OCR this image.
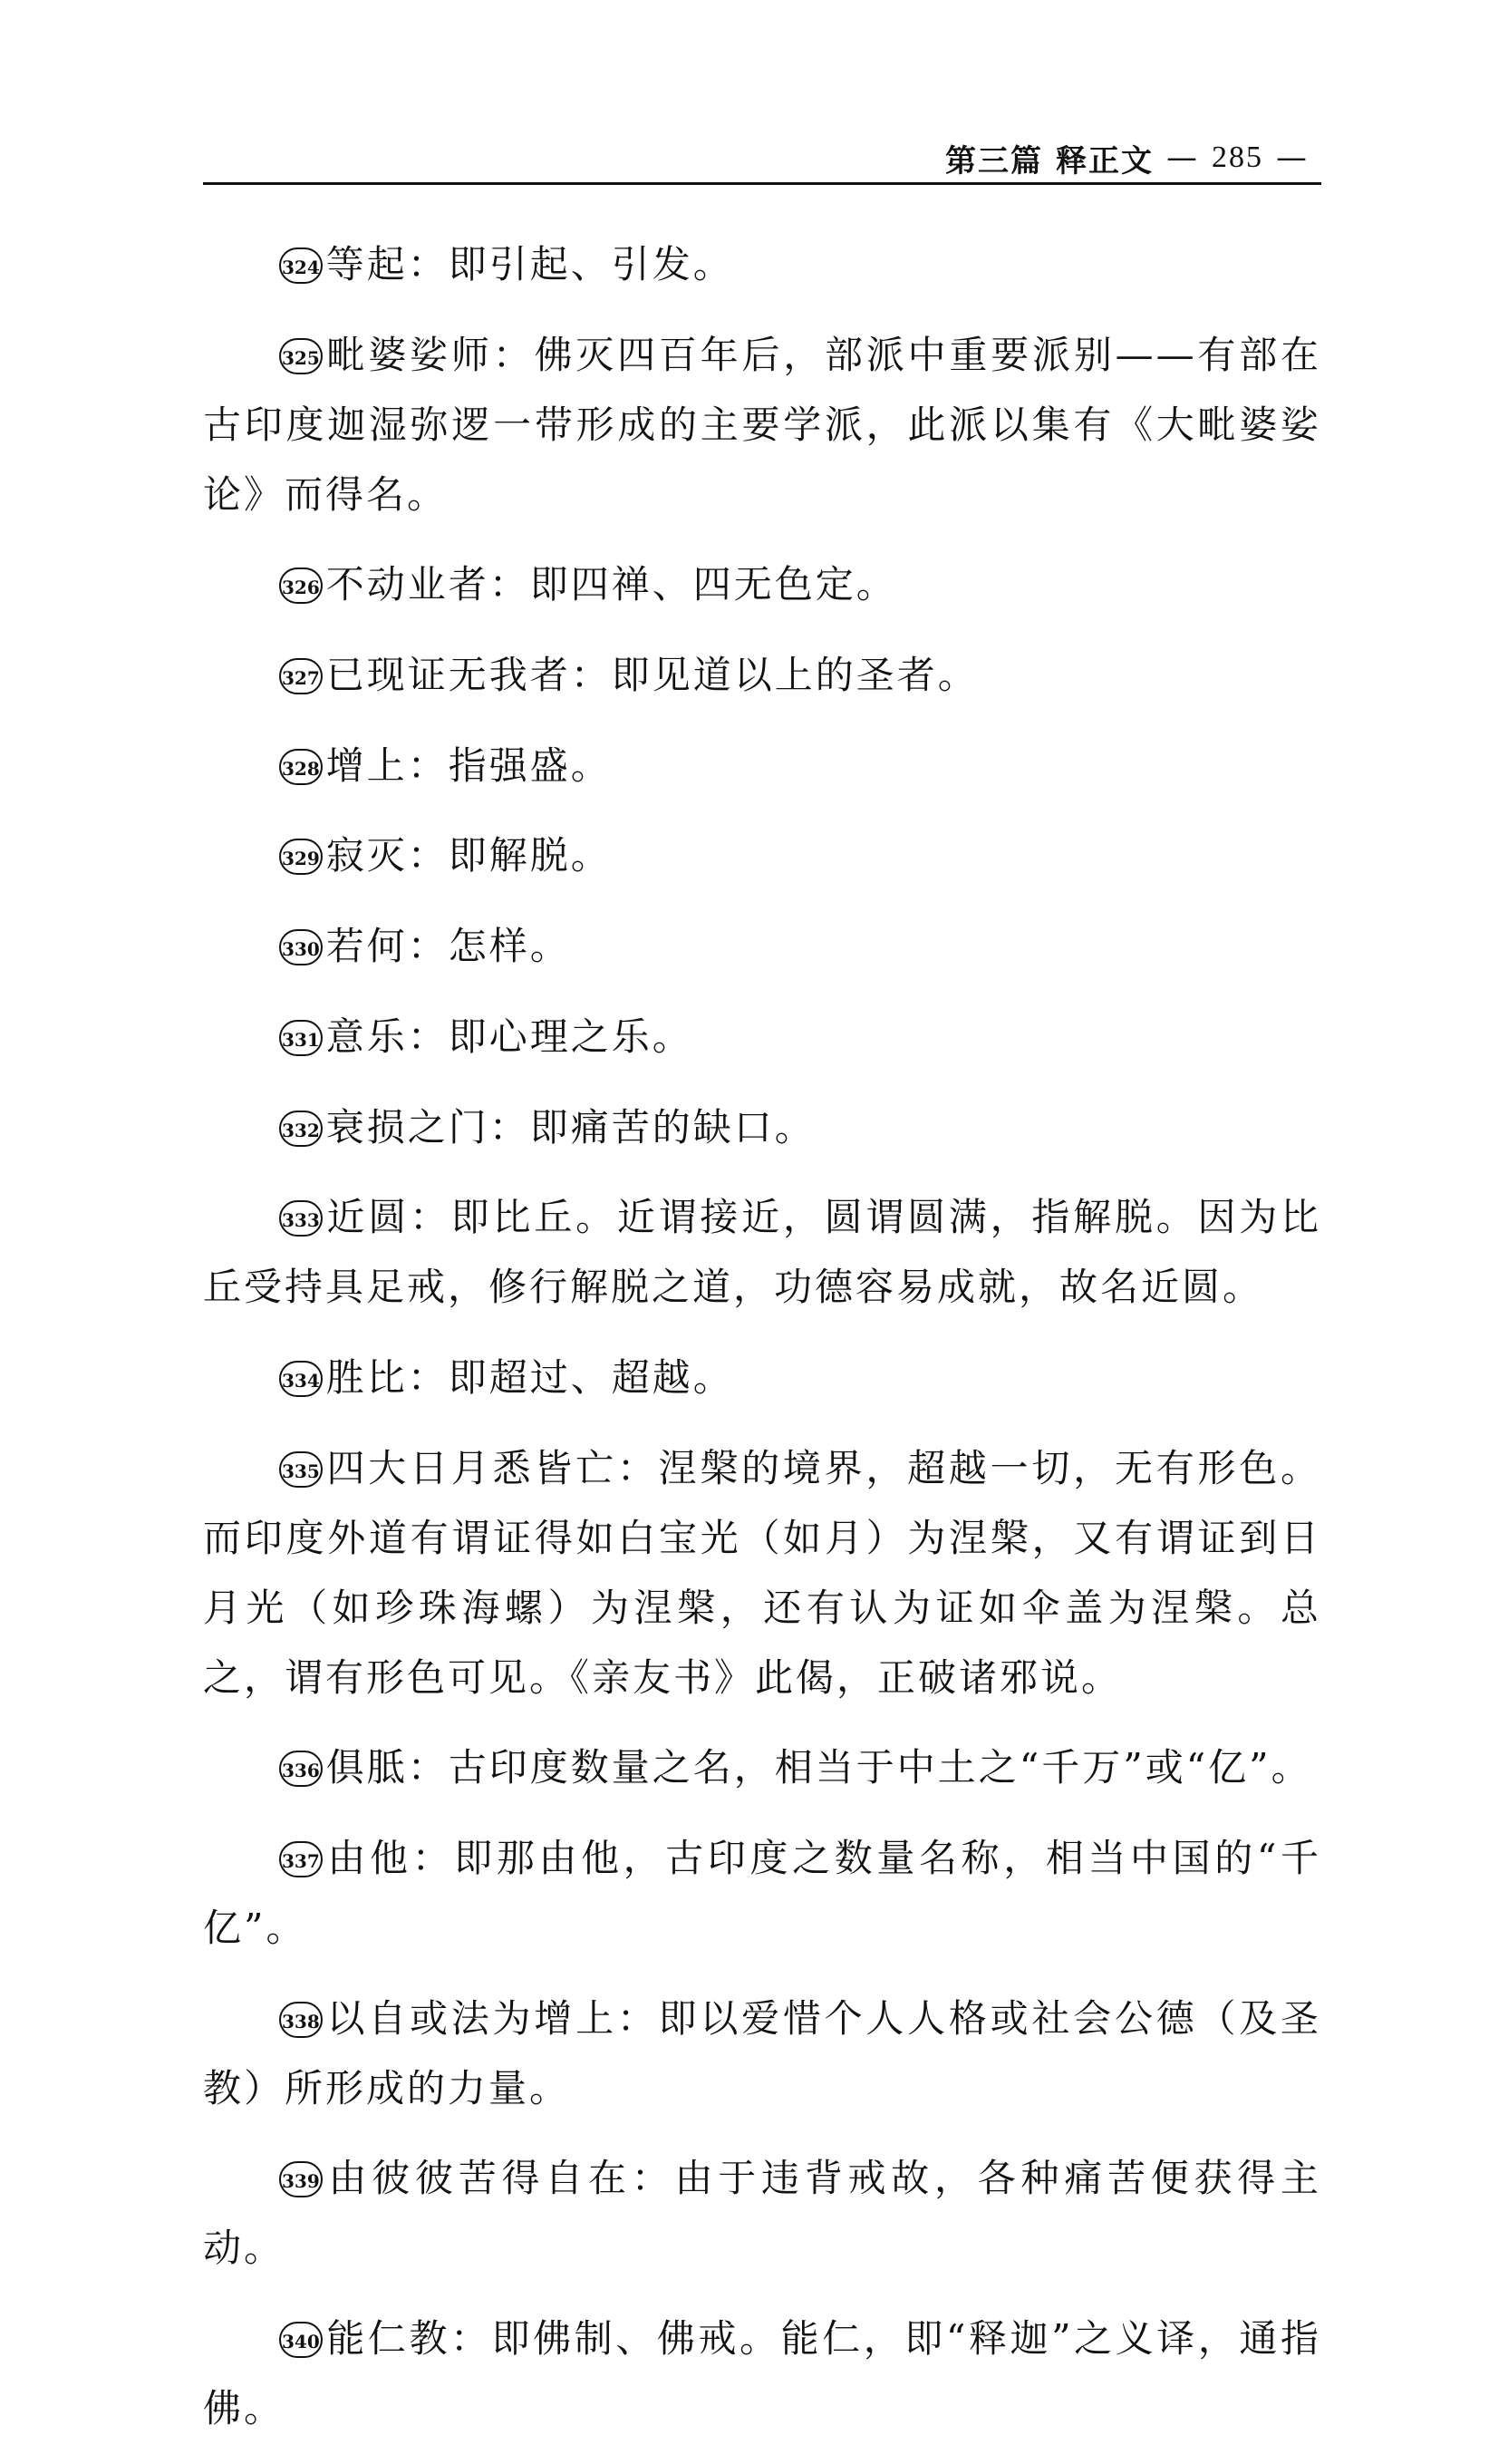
第三篇 释正文 — 285 —

324 等起：即引起、引发。

325 毗婆娑师：佛灭四百年后，部派中重要派别——有部在古印度迦湿弥逻一带形成的主要学派，此派以集有《大毗婆娑论》而得名。

326 不动业者：即四禅、四无色定。

327 已现证无我者：即见道以上的圣者。

328 增上：指强盛。

329 寂灭：即解脱。

330 若何：怎样。

331 意乐：即心理之乐。

332 衰损之门：即痛苦的缺口。

333 近圆：即比丘。近谓接近，圆谓圆满，指解脱。因为比丘受持具足戒，修行解脱之道，功德容易成就，故名近圆。

334 胜比：即超过、超越。

335 四大日月悉皆亡：涅槃的境界，超越一切，无有形色。而印度外道有谓证得如白宝光（如月）为涅槃，又有谓证到日月光（如珍珠海螺）为涅槃，还有认为证如伞盖为涅槃。总之，谓有形色可见。《亲友书》此偈，正破诸邪说。

336 俱胝：古印度数量之名，相当于中土之“千万”或“亿”。

337 由他：即那由他，古印度之数量名称，相当中国的“千亿”。

338 以自或法为增上：即以爱惜个人人格或社会公德（及圣教）所形成的力量。

339 由彼彼苦得自在：由于违背戒故，各种痛苦便获得主动。

340 能仁教：即佛制、佛戒。能仁，即“释迦”之义译，通指佛。
